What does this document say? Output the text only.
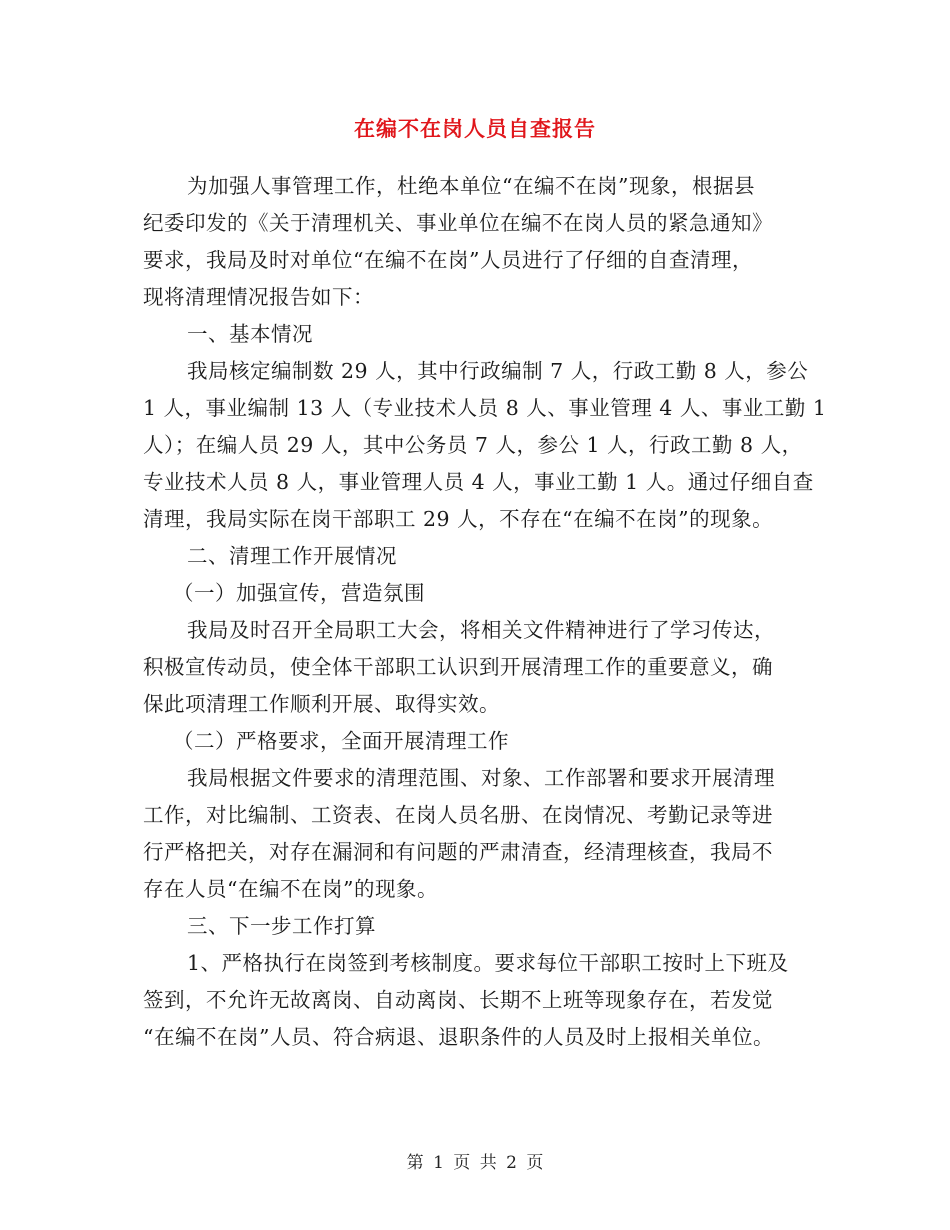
在编不在岗人员自查报告
为加强人事管理工作，杜绝本单位“在编不在岗”现象，根据县
纪委印发的《关于清理机关、事业单位在编不在岗人员的紧急通知》
要求，我局及时对单位“在编不在岗”人员进行了仔细的自查清理，
现将清理情况报告如下：
一、基本情况
我局核定编制数 29 人，其中行政编制 7 人，行政工勤 8 人，参公
1 人，事业编制 13 人（专业技术人员 8 人、事业管理 4 人、事业工勤 1
人）；在编人员 29 人，其中公务员 7 人，参公 1 人，行政工勤 8 人，
专业技术人员 8 人，事业管理人员 4 人，事业工勤 1 人。通过仔细自查
清理，我局实际在岗干部职工 29 人，不存在“在编不在岗”的现象。
二、清理工作开展情况
（一）加强宣传，营造氛围
我局及时召开全局职工大会，将相关文件精神进行了学习传达，
积极宣传动员，使全体干部职工认识到开展清理工作的重要意义，确
保此项清理工作顺利开展、取得实效。
（二）严格要求，全面开展清理工作
我局根据文件要求的清理范围、对象、工作部署和要求开展清理
工作，对比编制、工资表、在岗人员名册、在岗情况、考勤记录等进
行严格把关，对存在漏洞和有问题的严肃清查，经清理核查，我局不
存在人员“在编不在岗”的现象。
三、下一步工作打算
1、严格执行在岗签到考核制度。要求每位干部职工按时上下班及
签到，不允许无故离岗、自动离岗、长期不上班等现象存在，若发觉
“在编不在岗”人员、符合病退、退职条件的人员及时上报相关单位。
第 1 页 共 2 页
